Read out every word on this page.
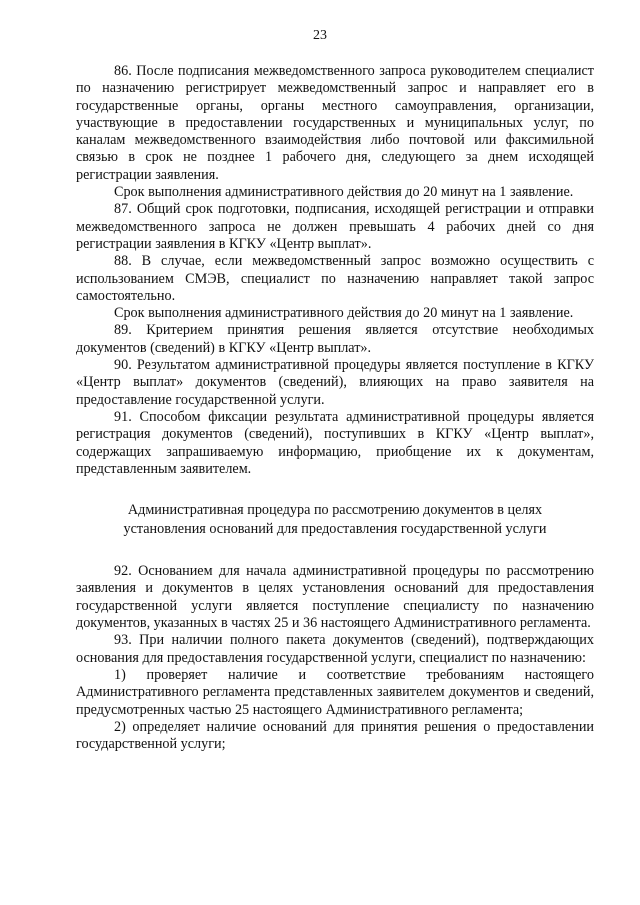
23

86. После подписания межведомственного запроса руководителем специалист по назначению регистрирует межведомственный запрос и направляет его в государственные органы, органы местного самоуправления, организации, участвующие в предоставлении государственных и муниципальных услуг, по каналам межведомственного взаимодействия либо почтовой или факсимильной связью в срок не позднее 1 рабочего дня, следующего за днем исходящей регистрации заявления.

Срок выполнения административного действия до 20 минут на 1 заявление.

87. Общий срок подготовки, подписания, исходящей регистрации и отправки межведомственного запроса не должен превышать 4 рабочих дней со дня регистрации заявления в КГКУ «Центр выплат».

88. В случае, если межведомственный запрос возможно осуществить с использованием СМЭВ, специалист по назначению направляет такой запрос самостоятельно.

Срок выполнения административного действия до 20 минут на 1 заявление.

89. Критерием принятия решения является отсутствие необходимых документов (сведений) в КГКУ «Центр выплат».

90. Результатом административной процедуры является поступление в КГКУ «Центр выплат» документов (сведений), влияющих на право заявителя на предоставление государственной услуги.

91. Способом фиксации результата административной процедуры является регистрация документов (сведений), поступивших в КГКУ «Центр выплат», содержащих запрашиваемую информацию, приобщение их к документам, представленным заявителем.

Административная процедура по рассмотрению документов в целях
установления оснований для предоставления государственной услуги

92. Основанием для начала административной процедуры по рассмотрению заявления и документов в целях установления оснований для предоставления государственной услуги является поступление специалисту по назначению документов, указанных в частях 25 и 36 настоящего Административного регламента.

93. При наличии полного пакета документов (сведений), подтверждающих основания для предоставления государственной услуги, специалист по назначению:

1) проверяет наличие и соответствие требованиям настоящего Административного регламента представленных заявителем документов и сведений, предусмотренных частью 25 настоящего Административного регламента;

2) определяет наличие оснований для принятия решения о предоставлении государственной услуги;
